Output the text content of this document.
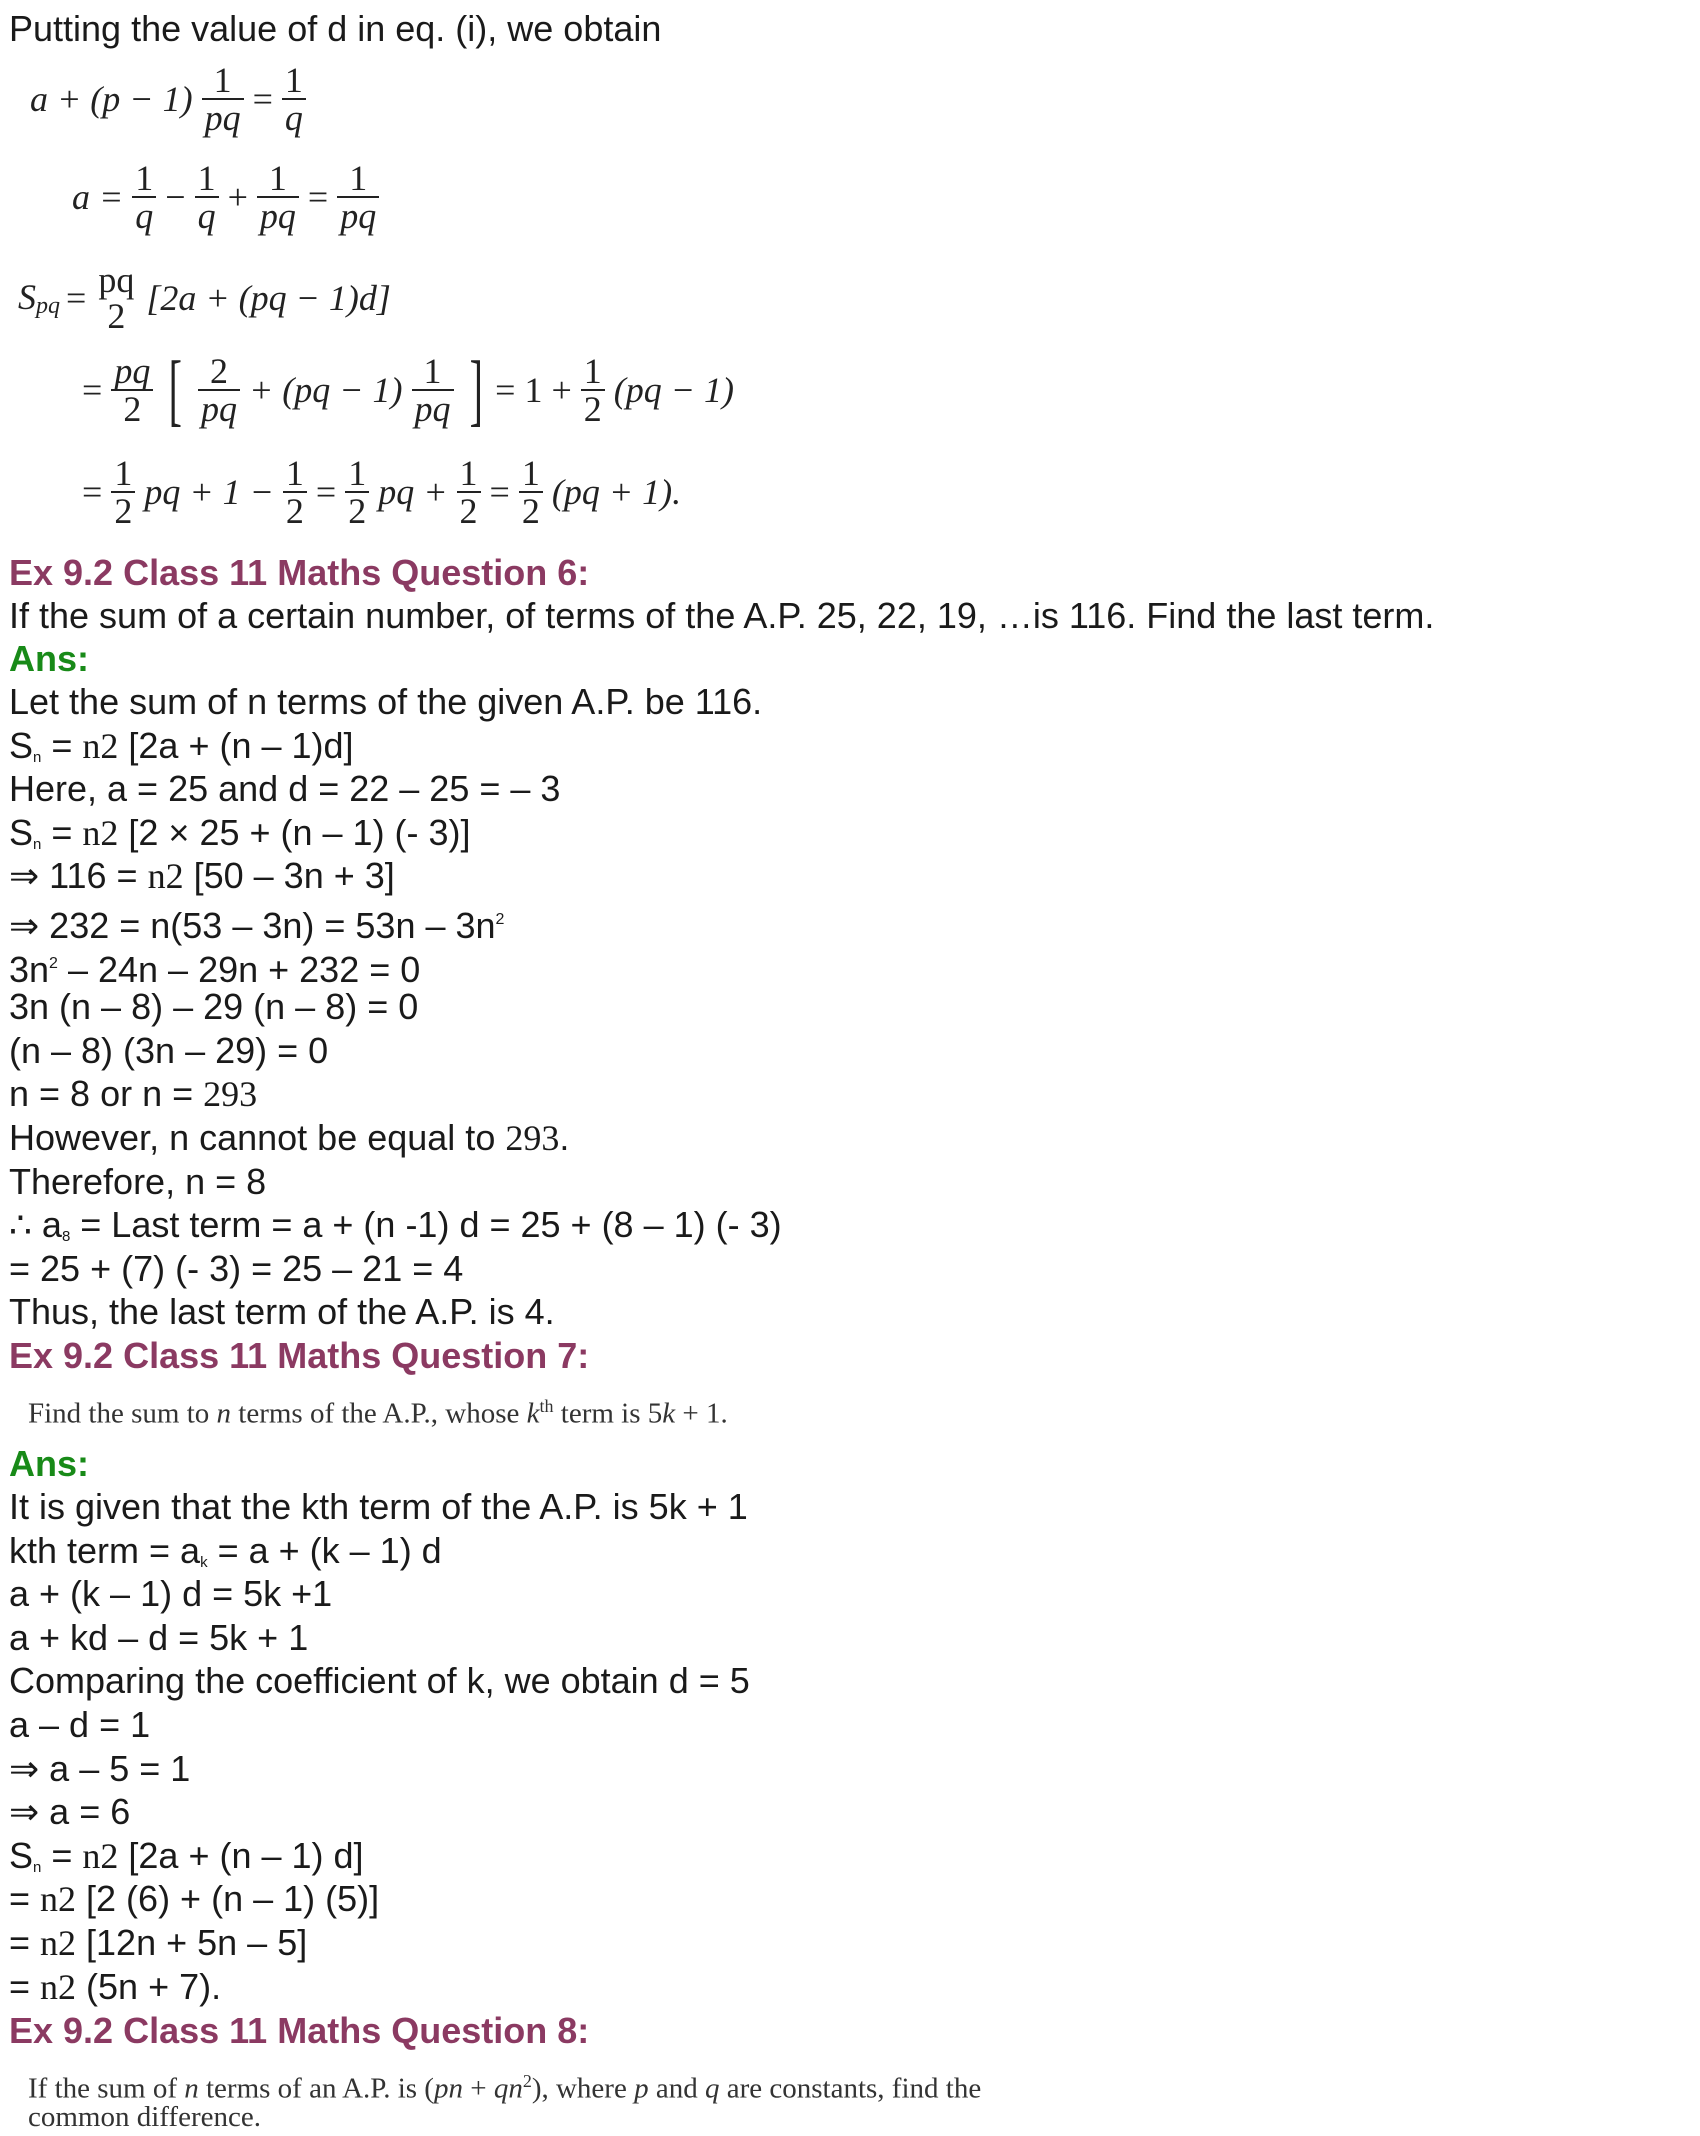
Putting the value of d in eq. (i), we obtain
$a + (p - 1) \frac{1}{pq} = \frac{1}{q}$
$a = \frac{1}{q} - \frac{1}{q} + \frac{1}{pq} = \frac{1}{pq}$
Spq = pq
2 [2a + (pq − 1)d]
= $\frac{pq}{2}$ [ $\frac{2}{pq} + (pq - 1) \frac{1}{pq}$ ] = $1 + \frac{1}{2} (pq - 1)$
= $\frac{1}{2}$ pq + $1 - \frac{1}{2} = \frac{1}{2}$ pq + $\frac{1}{2} = \frac{1}{2} (pq + 1)$.
Ex 9.2 Class 11 Maths Question 6:
If the sum of a certain number, of terms of the A.P. 25, 22, 19, …is 116. Find the last term.
Ans:
Let the sum of n terms of the given A.P. be 116.
$S_n = n2$ [2a + (n – 1)d]
Here, a = 25 and d = 22 – 25 = – 3
$S_n = n2$ [2 × 25 + (n – 1) (- 3)]
⇒ 116 = n2 [50 – 3n + 3]
⇒ $232 = n(53 - 3n) = 53n - 3n^2$
$3n^2 - 24n - 29n + 232 = 0$
3n (n – 8) – 29 (n – 8) = 0
(n – 8) (3n – 29) = 0
n = 8 or n = 293
However, n cannot be equal to 293.
Therefore, n = 8
∴ $a_8$ = Last term = a + (n -1) d = 25 + (8 – 1) (- 3)
= 25 + (7) (- 3) = 25 – 21 = 4
Thus, the last term of the A.P. is 4.
Ex 9.2 Class 11 Maths Question 7:
Find the sum to n terms of the A.P., whose $k^{th}$ term is 5k + 1.
Ans:
It is given that the kth term of the A.P. is 5k + 1
kth term = $a_k = a + (k - 1)$ d
a + (k – 1) d = 5k +1
a + kd – d = 5k + 1
Comparing the coefficient of k, we obtain d = 5
a – d = 1
⇒ a – 5 = 1
⇒ a = 6
$S_n = n2$ [2a + (n – 1) d]
= n2 [2 (6) + (n – 1) (5)]
= n2 [12n + 5n – 5]
= n2 (5n + 7).
Ex 9.2 Class 11 Maths Question 8:
If the sum of n terms of an A.P. is $(pn + qn^2)$, where p and q are constants, find the
common difference.
